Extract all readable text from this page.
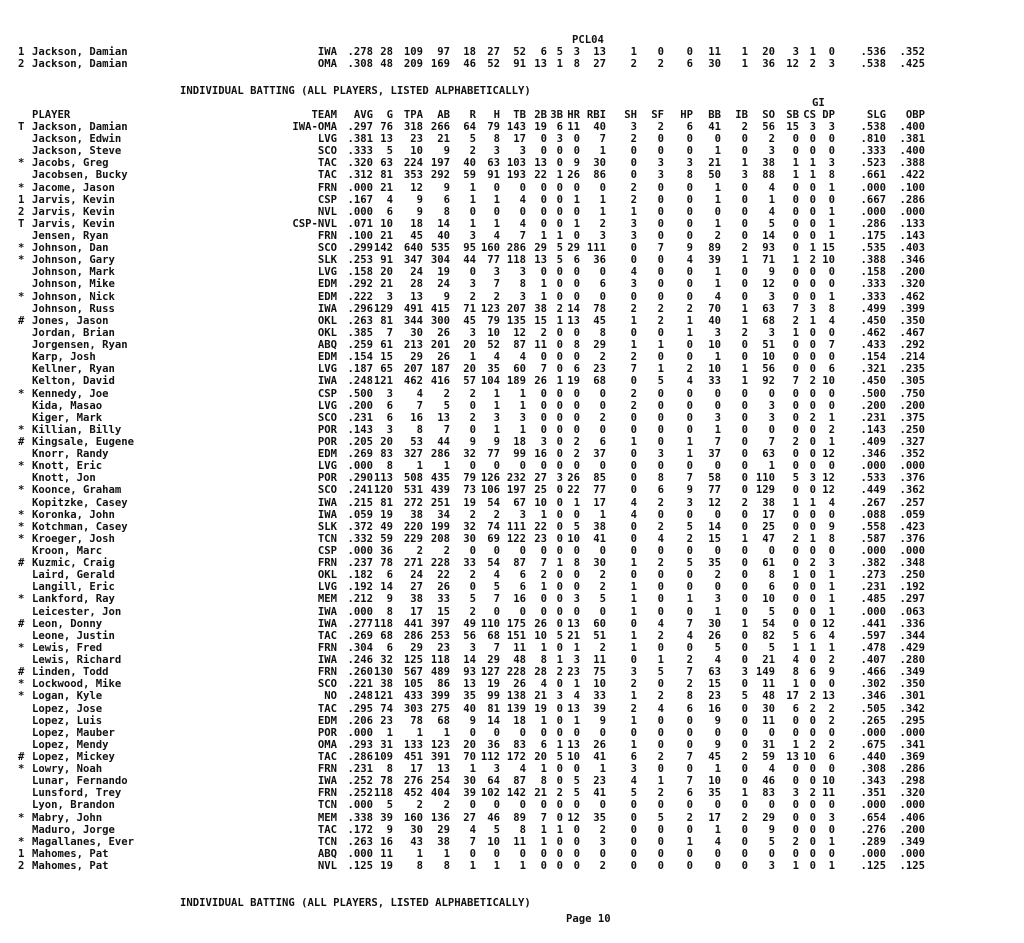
PCL04
1 Jackson, Damian	IWA .278 28 109 97 18 27 52 6 5 3 13 1 0 0 11 1 20 3 1 0 .536 .352
2 Jackson, Damian	OMA .308 48 209 169 46 52 91 13 1 8 27 2 2 6 30 1 36 12 2 3 .538 .425
INDIVIDUAL BATTING (ALL PLAYERS, LISTED ALPHABETICALLY)
GI
PLAYER	TEAM AVG G TPA AB R H TB 2B 3B HR RBI SH SF HP BB IB SO SB CS DP	SLG OBP
T Jackson, Damian	IWA-OMA .297 76 318 266 64 79 143 19 6 11 40 3 2 6 41 2 56 15 3 3 .538 .400
Jackson, Edwin	LVG .381 13 23 21 5 8 17 0 3 0 7 2 0 0 0 0 2 0 0 0 .810 .381
Jackson, Steve	SCO .333 5 10 9 2 3 3 0 0 0 1 0 0 0 1 0 3 0 0 0 .333 .400
* Jacobs, Greg	TAC .320 63 224 197 40 63 103 13 0 9 30 0 3 3 21 1 38 1 1 3 .523 .388
Jacobsen, Bucky	TAC .312 81 353 292 59 91 193 22 1 26 86 0 3 8 50 3 88 1 1 8 .661 .422
* Jacome, Jason	FRN .000 21 12 9 1 0 0 0 0 0 0 2 0 0 1 0 4 0 0 1 .000 .100
1 Jarvis, Kevin	CSP .167 4 9 6 1 1 4 0 0 1 1 2 0 0 1 0 1 0 0 0 .667 .286
2 Jarvis, Kevin	NVL .000 6 9 8 0 0 0 0 0 0 1 1 0 0 0 0 4 0 0 1 .000 .000
T Jarvis, Kevin	CSP-NVL .071 10 18 14 1 1 4 0 0 1 2 3 0 0 1 0 5 0 0 1 .286 .133
Jensen, Ryan	FRN .100 21 45 40 3 4 7 1 1 0 3 3 0 0 2 0 14 0 0 1 .175 .143
* Johnson, Dan	SCO .299 142 640 535 95 160 286 29 5 29 111 0 7 9 89 2 93 0 1 15 .535 .403
* Johnson, Gary	SLK .253 91 347 304 44 77 118 13 5 6 36 0 0 4 39 1 71 1 2 10 .388 .346
Johnson, Mark	LVG .158 20 24 19 0 3 3 0 0 0 0 4 0 0 1 0 9 0 0 0 .158 .200
Johnson, Mike	EDM .292 21 28 24 3 7 8 1 0 0 6 3 0 0 1 0 12 0 0 0 .333 .320
* Johnson, Nick	EDM .222 3 13 9 2 2 3 1 0 0 0 0 0 0 4 0 3 0 0 1 .333 .462
Johnson, Russ	IWA .296 129 491 415 71 123 207 38 2 14 78 2 2 2 70 1 63 7 3 8 .499 .399
# Jones, Jason	OKL .263 81 344 300 45 79 135 15 1 13 45 1 2 1 40 1 68 2 1 4 .450 .350
Jordan, Brian	OKL .385 7 30 26 3 10 12 2 0 0 8 0 0 1 3 2 3 1 0 0 .462 .467
Jorgensen, Ryan	ABQ .259 61 213 201 20 52 87 11 0 8 29 1 1 0 10 0 51 0 0 7 .433 .292
Karp, Josh	EDM .154 15 29 26 1 4 4 0 0 0 2 2 0 0 1 0 10 0 0 0 .154 .214
Kellner, Ryan	LVG .187 65 207 187 20 35 60 7 0 6 23 7 1 2 10 1 56 0 0 6 .321 .235
Kelton, David	IWA .248 121 462 416 57 104 189 26 1 19 68 0 5 4 33 1 92 7 2 10 .450 .305
* Kennedy, Joe	CSP .500 3 4 2 2 1 1 0 0 0 0 2 0 0 0 0 0 0 0 0 .500 .750
Kida, Masao	LVG .200 6 7 5 0 1 1 0 0 0 0 2 0 0 0 0 3 0 0 0 .200 .200
Kiger, Mark	SCO .231 6 16 13 2 3 3 0 0 0 2 0 0 0 3 0 3 0 2 1 .231 .375
* Killian, Billy	POR .143 3 8 7 0 1 1 0 0 0 0 0 0 0 1 0 0 0 0 2 .143 .250
# Kingsale, Eugene	POR .205 20 53 44 9 9 18 3 0 2 6 1 0 1 7 0 7 2 0 1 .409 .327
Knorr, Randy	EDM .269 83 327 286 32 77 99 16 0 2 37 0 3 1 37 0 63 0 0 12 .346 .352
* Knott, Eric	LVG .000 8 1 1 0 0 0 0 0 0 0 0 0 0 0 0 1 0 0 0 .000 .000
Knott, Jon	POR .290 113 508 435 79 126 232 27 3 26 85 0 8 7 58 0 110 5 3 12 .533 .376
* Koonce, Graham	SCO .241 120 531 439 73 106 197 25 0 22 77 0 6 9 77 0 129 0 0 12 .449 .362
Kopitzke, Casey	IWA .215 81 272 251 19 54 67 10 0 1 17 4 2 3 12 2 38 1 1 4 .267 .257
* Koronka, John	IWA .059 19 38 34 2 2 3 1 0 0 1 4 0 0 0 0 17 0 0 0 .088 .059
* Kotchman, Casey	SLK .372 49 220 199 32 74 111 22 0 5 38 0 2 5 14 0 25 0 0 9 .558 .423
* Kroeger, Josh	TCN .332 59 229 208 30 69 122 23 0 10 41 0 4 2 15 1 47 2 1 8 .587 .376
Kroon, Marc	CSP .000 36 2 2 0 0 0 0 0 0 0 0 0 0 0 0 0 0 0 0 .000 .000
# Kuzmic, Craig	FRN .237 78 271 228 33 54 87 7 1 8 30 1 2 5 35 0 61 0 2 3 .382 .348
Laird, Gerald	OKL .182 6 24 22 2 4 6 2 0 0 2 0 0 0 2 0 8 1 0 1 .273 .250
Langill, Eric	LVG .192 14 27 26 0 5 6 1 0 0 2 1 0 0 0 0 6 0 0 1 .231 .192
* Lankford, Ray	MEM .212 9 38 33 5 7 16 0 0 3 5 1 0 1 3 0 10 0 0 1 .485 .297
Leicester, Jon	IWA .000 8 17 15 2 0 0 0 0 0 0 1 0 0 1 0 5 0 0 1 .000 .063
# Leon, Donny	IWA .277 118 441 397 49 110 175 26 0 13 60 0 4 7 30 1 54 0 0 12 .441 .336
Leone, Justin	TAC .269 68 286 253 56 68 151 10 5 21 51 1 2 4 26 0 82 5 6 4 .597 .344
* Lewis, Fred	FRN .304 6 29 23 3 7 11 1 0 1 2 1 0 0 5 0 5 1 1 1 .478 .429
Lewis, Richard	IWA .246 32 125 118 14 29 48 8 1 3 11 0 1 2 4 0 21 4 0 2 .407 .280
# Linden, Todd	FRN .260 130 567 489 93 127 228 28 2 23 75 3 5 7 63 3 149 8 6 9 .466 .349
* Lockwood, Mike	SCO .221 38 105 86 13 19 26 4 0 1 10 2 0 2 15 0 11 1 0 0 .302 .350
* Logan, Kyle	NO .248 121 433 399 35 99 138 21 3 4 33 1 2 8 23 5 48 17 2 13 .346 .301
Lopez, Jose	TAC .295 74 303 275 40 81 139 19 0 13 39 2 4 6 16 0 30 6 2 2 .505 .342
Lopez, Luis	EDM .206 23 78 68 9 14 18 1 0 1 9 1 0 0 9 0 11 0 0 2 .265 .295
Lopez, Mauber	POR .000 1 1 1 0 0 0 0 0 0 0 0 0 0 0 0 0 0 0 0 .000 .000
Lopez, Mendy	OMA .293 31 133 123 20 36 83 6 1 13 26 1 0 0 9 0 31 1 2 2 .675 .341
# Lopez, Mickey	TAC .286 109 451 391 70 112 172 20 5 10 41 6 2 7 45 2 59 13 10 6 .440 .369
* Lowry, Noah	FRN .231 8 17 13 1 3 4 1 0 0 1 3 0 0 1 0 4 0 0 0 .308 .286
Lunar, Fernando	IWA .252 78 276 254 30 64 87 8 0 5 23 4 1 7 10 0 46 0 0 10 .343 .298
Lunsford, Trey	FRN .252 118 452 404 39 102 142 21 2 5 41 5 2 6 35 1 83 3 2 11 .351 .320
Lyon, Brandon	TCN .000 5 2 2 0 0 0 0 0 0 0 0 0 0 0 0 0 0 0 0 .000 .000
* Mabry, John	MEM .338 39 160 136 27 46 89 7 0 12 35 0 5 2 17 2 29 0 0 3 .654 .406
Maduro, Jorge	TAC .172 9 30 29 4 5 8 1 1 0 2 0 0 0 1 0 9 0 0 0 .276 .200
* Magallanes, Ever	TCN .263 16 43 38 7 10 11 1 0 0 3 0 0 1 4 0 5 2 0 1 .289 .349
1 Mahomes, Pat	ABQ .000 11 1 1 0 0 0 0 0 0 0 0 0 0 0 0 0 0 0 0 .000 .000
2 Mahomes, Pat	NVL .125 19 8 8 1 1 1 0 0 0 2 0 0 0 0 0 3 1 0 1 .125 .125
INDIVIDUAL BATTING (ALL PLAYERS, LISTED ALPHABETICALLY)
Page 10
